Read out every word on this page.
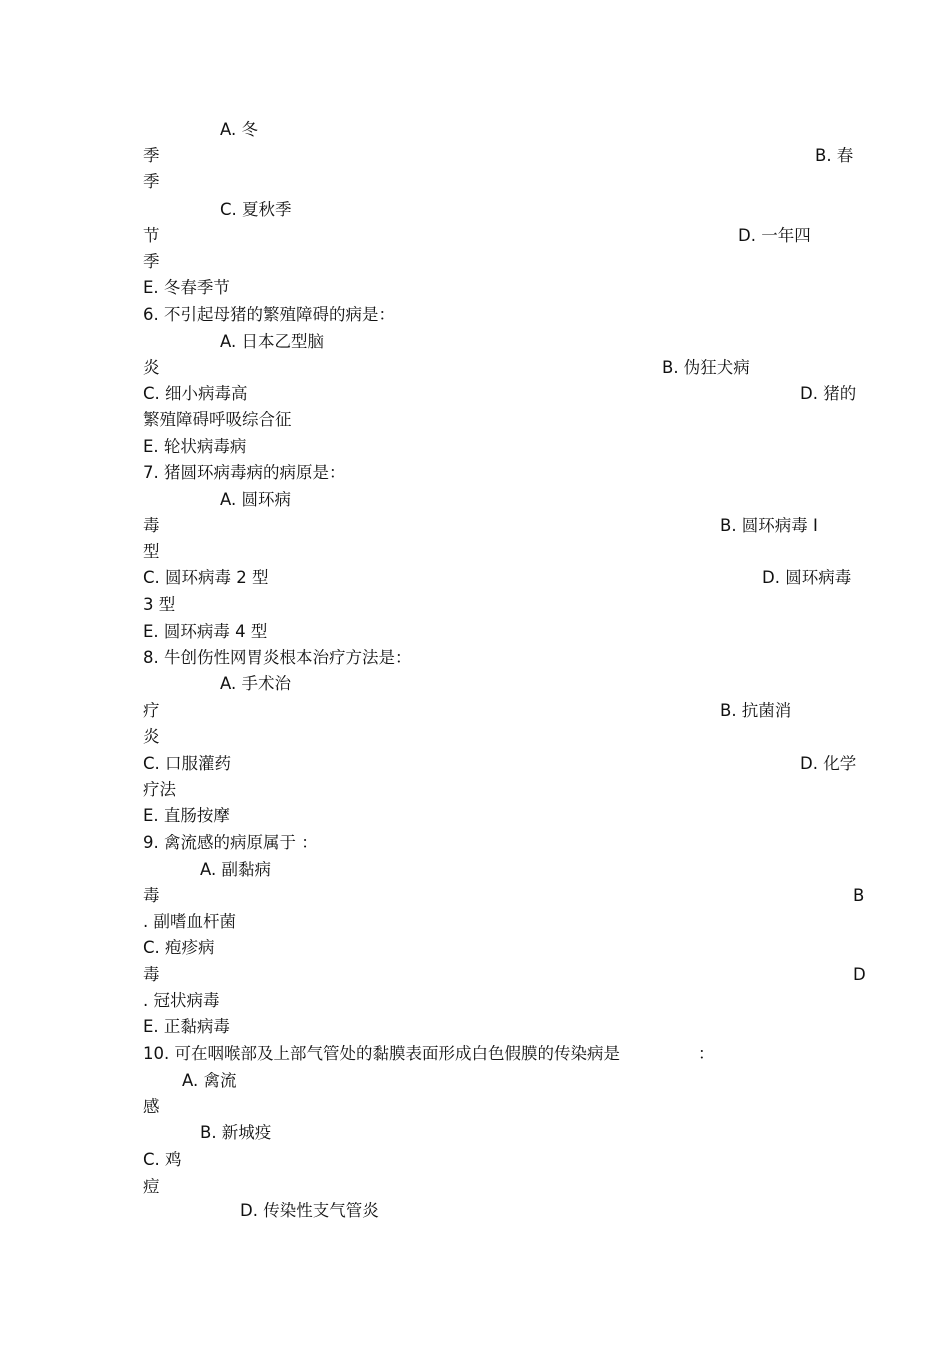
A. 冬
季	B. 春
季
C. 夏秋季
节	D. 一年四
季
E. 冬春季节
6. 不引起母猪的繁殖障碍的病是：
A. 日本乙型脑
炎	B. 伪狂犬病
C. 细小病毒高	D. 猪的
繁殖障碍呼吸综合征
E. 轮状病毒病
7. 猪圆环病毒病的病原是：
A. 圆环病
毒	B. 圆环病毒 Ⅰ
型
C. 圆环病毒 2 型	D. 圆环病毒
3 型
E. 圆环病毒 4 型
8. 牛创伤性网胃炎根本治疗方法是：
A. 手术治
疗	B. 抗菌消
炎
C. 口服灌药	D. 化学
疗法
E. 直肠按摩
9. 禽流感的病原属于 ：
A. 副黏病
毒	B
. 副嗜血杆菌
C. 疱疹病
毒	D
. 冠状病毒
E. 正黏病毒
10. 可在咽喉部及上部气管处的黏膜表面形成白色假膜的传染病是	：
A. 禽流
感
B. 新城疫
C. 鸡
痘
D. 传染性支气管炎
